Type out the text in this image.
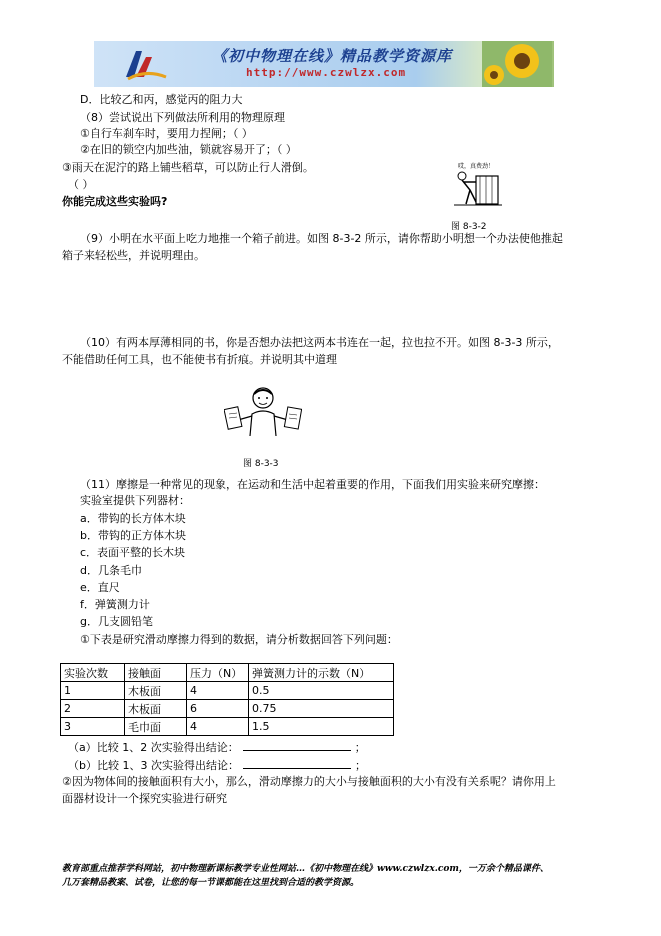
《初中物理在线》精品教学资源库
http://www.czwlzx.com
D．比较乙和丙，感觉丙的阻力大
（8）尝试说出下列做法所利用的物理原理
①自行车刹车时，要用力捏闸；（ ）
②在旧的锁空内加些油，锁就容易开了；（ ）
③雨天在泥泞的路上铺些稻草，可以防止行人滑倒。
（ ）
你能完成这些实验吗?
哎，真费劲！
图 8-3-2
（9）小明在水平面上吃力地推一个箱子前进。如图 8-3-2 所示，请你帮助小明想一个办法使他推起
箱子来轻松些，并说明理由。
（10）有两本厚薄相同的书，你是否想办法把这两本书连在一起，拉也拉不开。如图 8-3-3 所示，
不能借助任何工具，也不能使书有折痕。并说明其中道理
图 8-3-3
（11）摩擦是一种常见的现象，在运动和生活中起着重要的作用，下面我们用实验来研究摩擦：
实验室提供下列器材：
a．带钩的长方体木块
b．带钩的正方体木块
c．表面平整的长木块
d．几条毛巾
e．直尺
f．弹簧测力计
g．几支圆铅笔
①下表是研究滑动摩擦力得到的数据，请分析数据回答下列问题：
实验次数	接触面	压力（N）	弹簧测力计的示数（N）
1	木板面	4	0.5
2	木板面	6	0.75
3	毛巾面	4	1.5
（a）比较 1、2 次实验得出结论：	；
（b）比较 1、3 次实验得出结论：	；
②因为物体间的接触面积有大小，那么，滑动摩擦力的大小与接触面积的大小有没有关系呢？请你用上
面器材设计一个探究实验进行研究
教育部重点推荐学科网站，初中物理新课标教学专业性网站…《初中物理在线》www.czwlzx.com，一万余个精品课件、
几万套精品教案、试卷，让您的每一节课都能在这里找到合适的教学资源。
